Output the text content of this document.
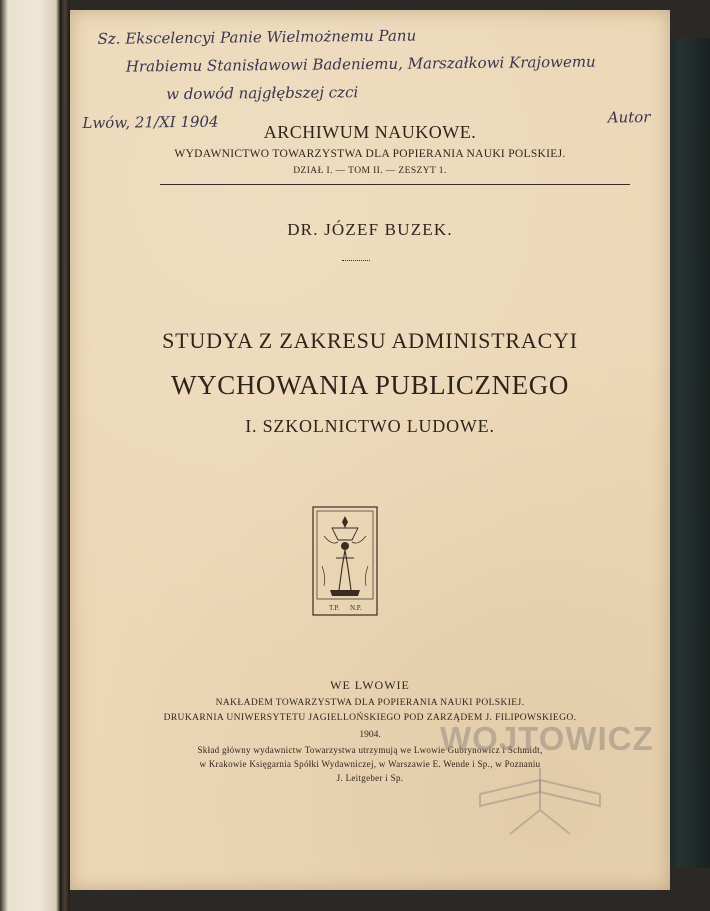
Sz. Ekscelencyi Panie Wielmożnemu Panu
Hrabiemu Stanisławowi Badeniemu, Marszałkowi Krajowemu
w dowód najgłębszej czci
Lwów, 21/XI 1904	Autor
ARCHIWUM NAUKOWE.
WYDAWNICTWO TOWARZYSTWA DLA POPIERANIA NAUKI POLSKIEJ.
DZIAŁ I. — TOM II. — ZESZYT 1.
DR. JÓZEF BUZEK.
STUDYA Z ZAKRESU ADMINISTRACYI
WYCHOWANIA PUBLICZNEGO
I. SZKOLNICTWO LUDOWE.
T.P. N.P.
WE LWOWIE
NAKŁADEM TOWARZYSTWA DLA POPIERANIA NAUKI POLSKIEJ.
DRUKARNIA UNIWERSYTETU JAGIELLOŃSKIEGO POD ZARZĄDEM J. FILIPOWSKIEGO.
1904.
Skład główny wydawnictw Towarzystwa utrzymują we Lwowie Gubrynowicz i Schmidt,
w Krakowie Księgarnia Spółki Wydawniczej, w Warszawie E. Wende i Sp., w Poznaniu
J. Leitgeber i Sp.
WOJTOWICZ
